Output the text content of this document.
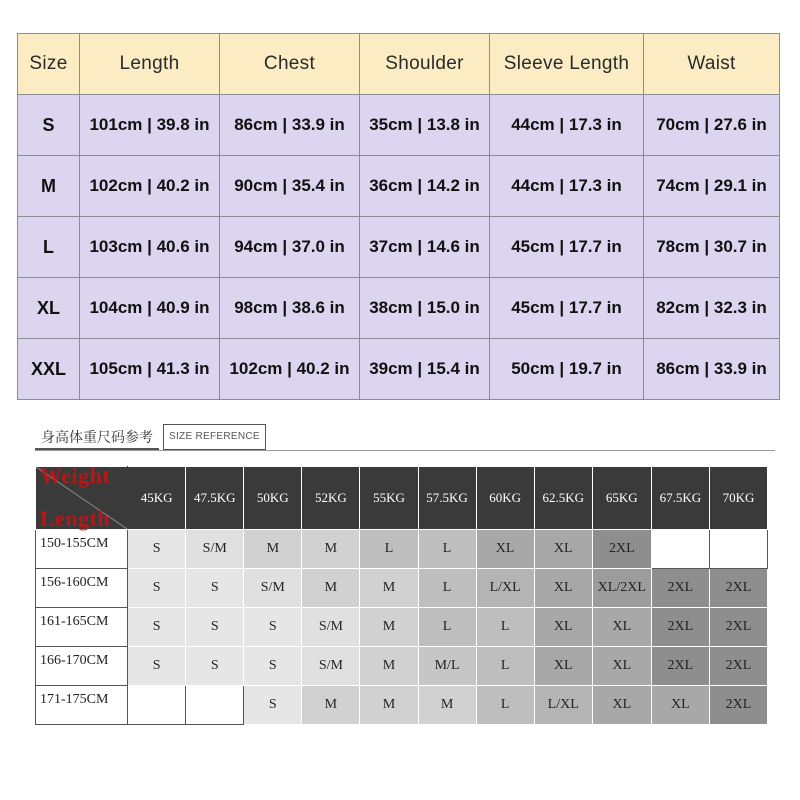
Size	Length	Chest	Shoulder	Sleeve Length	Waist
S	101cm | 39.8 in	86cm | 33.9 in	35cm | 13.8 in	44cm | 17.3 in	70cm | 27.6 in
M	102cm | 40.2 in	90cm | 35.4 in	36cm | 14.2 in	44cm | 17.3 in	74cm | 29.1 in
L	103cm | 40.6 in	94cm | 37.0 in	37cm | 14.6 in	45cm | 17.7 in	78cm | 30.7 in
XL	104cm | 40.9 in	98cm | 38.6 in	38cm | 15.0 in	45cm | 17.7 in	82cm | 32.3 in
XXL	105cm | 41.3 in	102cm | 40.2 in	39cm | 15.4 in	50cm | 19.7 in	86cm | 33.9 in
身高体重尺码参考	SIZE REFERENCE
Weight
Length	45KG	47.5KG	50KG	52KG	55KG	57.5KG	60KG	62.5KG	65KG	67.5KG	70KG
150-155CM	S	S/M	M	M	L	L	XL	XL	2XL		
156-160CM	S	S	S/M	M	M	L	L/XL	XL	XL/2XL	2XL	2XL
161-165CM	S	S	S	S/M	M	L	L	XL	XL	2XL	2XL
166-170CM	S	S	S	S/M	M	M/L	L	XL	XL	2XL	2XL
171-175CM			S	M	M	M	L	L/XL	XL	XL	2XL
